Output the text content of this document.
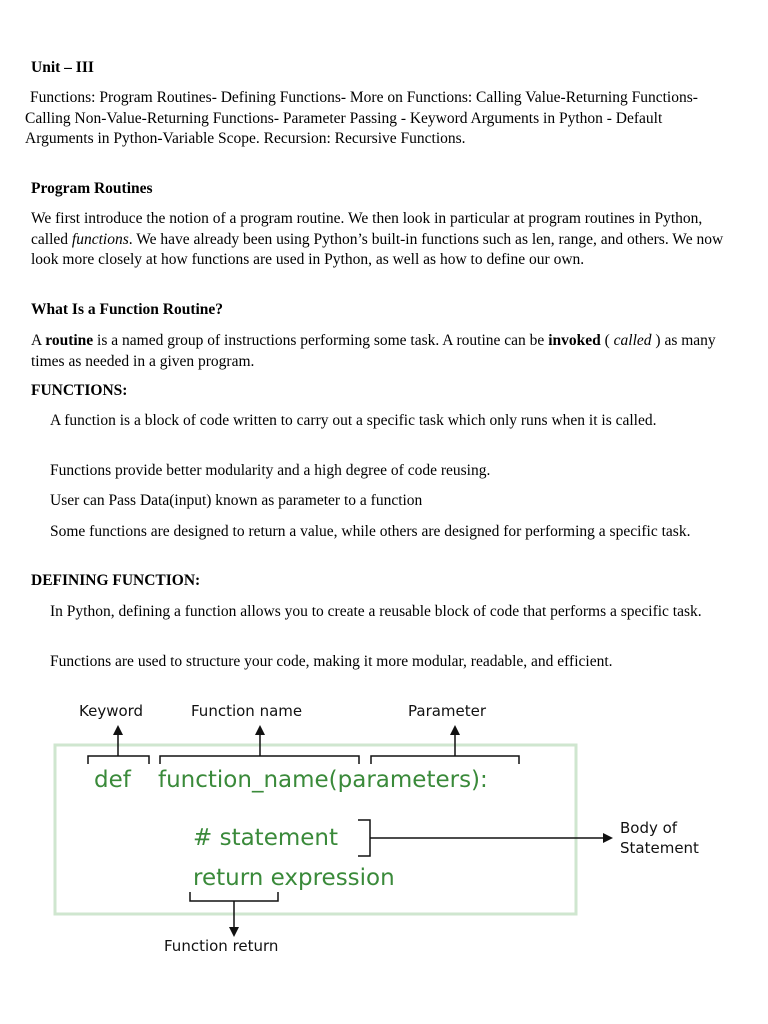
Unit – III

Functions: Program Routines- Defining Functions- More on Functions: Calling Value-Returning Functions- Calling Non-Value-Returning Functions- Parameter Passing - Keyword Arguments in Python - Default Arguments in Python-Variable Scope. Recursion: Recursive Functions.

Program Routines

We first introduce the notion of a program routine. We then look in particular at program routines in Python, called functions. We have already been using Python’s built-in functions such as len, range, and others. We now look more closely at how functions are used in Python, as well as how to define our own.

What Is a Function Routine?

A routine is a named group of instructions performing some task. A routine can be invoked ( called ) as many times as needed in a given program.

FUNCTIONS:

A function is a block of code written to carry out a specific task which only runs when it is called.

Functions provide better modularity and a high degree of code reusing.

User can Pass Data(input) known as parameter to a function

Some functions are designed to return a value, while others are designed for performing a specific task.

DEFINING FUNCTION:

In Python, defining a function allows you to create a reusable block of code that performs a specific task.

Functions are used to structure your code, making it more modular, readable, and efficient.

Keyword	Function name	Parameter
def function_name(parameters):
# statement
return expression
Body of
Statement
Function return
